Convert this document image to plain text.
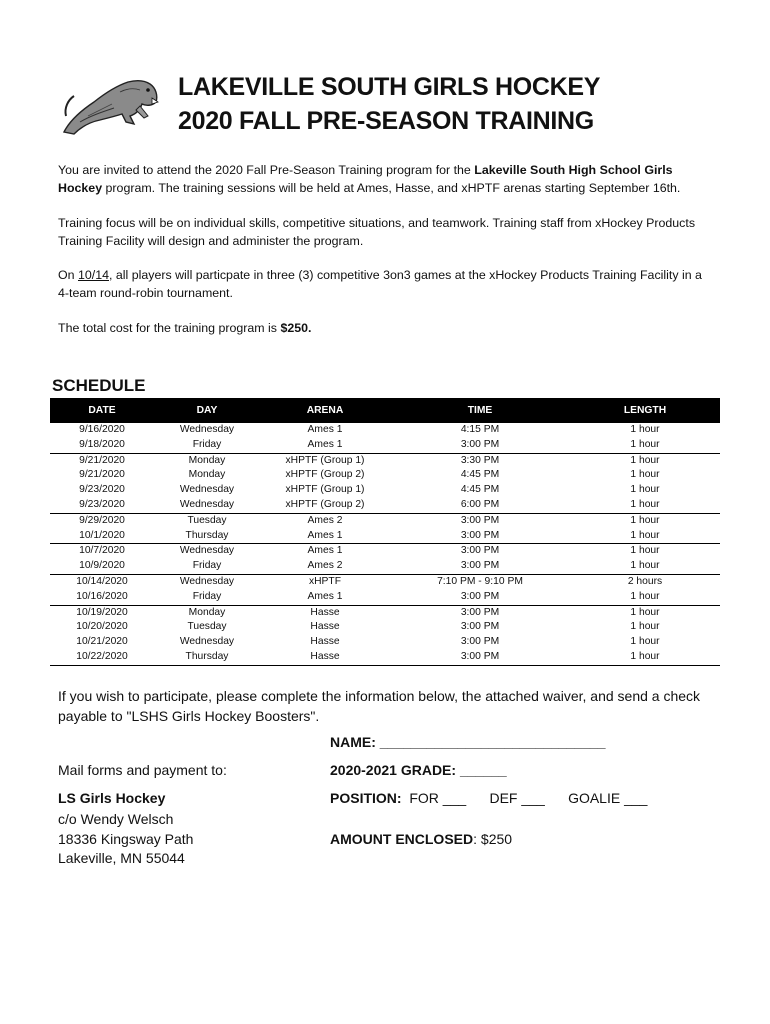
LAKEVILLE SOUTH GIRLS HOCKEY
2020 FALL PRE-SEASON TRAINING
You are invited to attend the 2020 Fall Pre-Season Training program for the Lakeville South High School Girls Hockey program. The training sessions will be held at Ames, Hasse, and xHPTF arenas starting September 16th.
Training focus will be on individual skills, competitive situations, and teamwork. Training staff from xHockey Products Training Facility will design and administer the program.
On 10/14, all players will particpate in three (3) competitive 3on3 games at the xHockey Products Training Facility in a 4-team round-robin tournament.
The total cost for the training program is $250.
SCHEDULE
DATE	DAY	ARENA	TIME	LENGTH
9/16/2020	Wednesday	Ames 1	4:15 PM	1 hour
9/18/2020	Friday	Ames 1	3:00 PM	1 hour
9/21/2020	Monday	xHPTF (Group 1)	3:30 PM	1 hour
9/21/2020	Monday	xHPTF (Group 2)	4:45 PM	1 hour
9/23/2020	Wednesday	xHPTF (Group 1)	4:45 PM	1 hour
9/23/2020	Wednesday	xHPTF (Group 2)	6:00 PM	1 hour
9/29/2020	Tuesday	Ames 2	3:00 PM	1 hour
10/1/2020	Thursday	Ames 1	3:00 PM	1 hour
10/7/2020	Wednesday	Ames 1	3:00 PM	1 hour
10/9/2020	Friday	Ames 2	3:00 PM	1 hour
10/14/2020	Wednesday	xHPTF	7:10 PM - 9:10 PM	2 hours
10/16/2020	Friday	Ames 1	3:00 PM	1 hour
10/19/2020	Monday	Hasse	3:00 PM	1 hour
10/20/2020	Tuesday	Hasse	3:00 PM	1 hour
10/21/2020	Wednesday	Hasse	3:00 PM	1 hour
10/22/2020	Thursday	Hasse	3:00 PM	1 hour
If you wish to participate, please complete the information below, the attached waiver, and send a check payable to "LSHS Girls Hockey Boosters".
NAME: _____________________________
Mail forms and payment to:	2020-2021 GRADE: ______
LS Girls Hockey	POSITION: FOR ___      DEF ___      GOALIE ___
c/o Wendy Welsch
18336 Kingsway Path
Lakeville, MN 55044
AMOUNT ENCLOSED: $250
